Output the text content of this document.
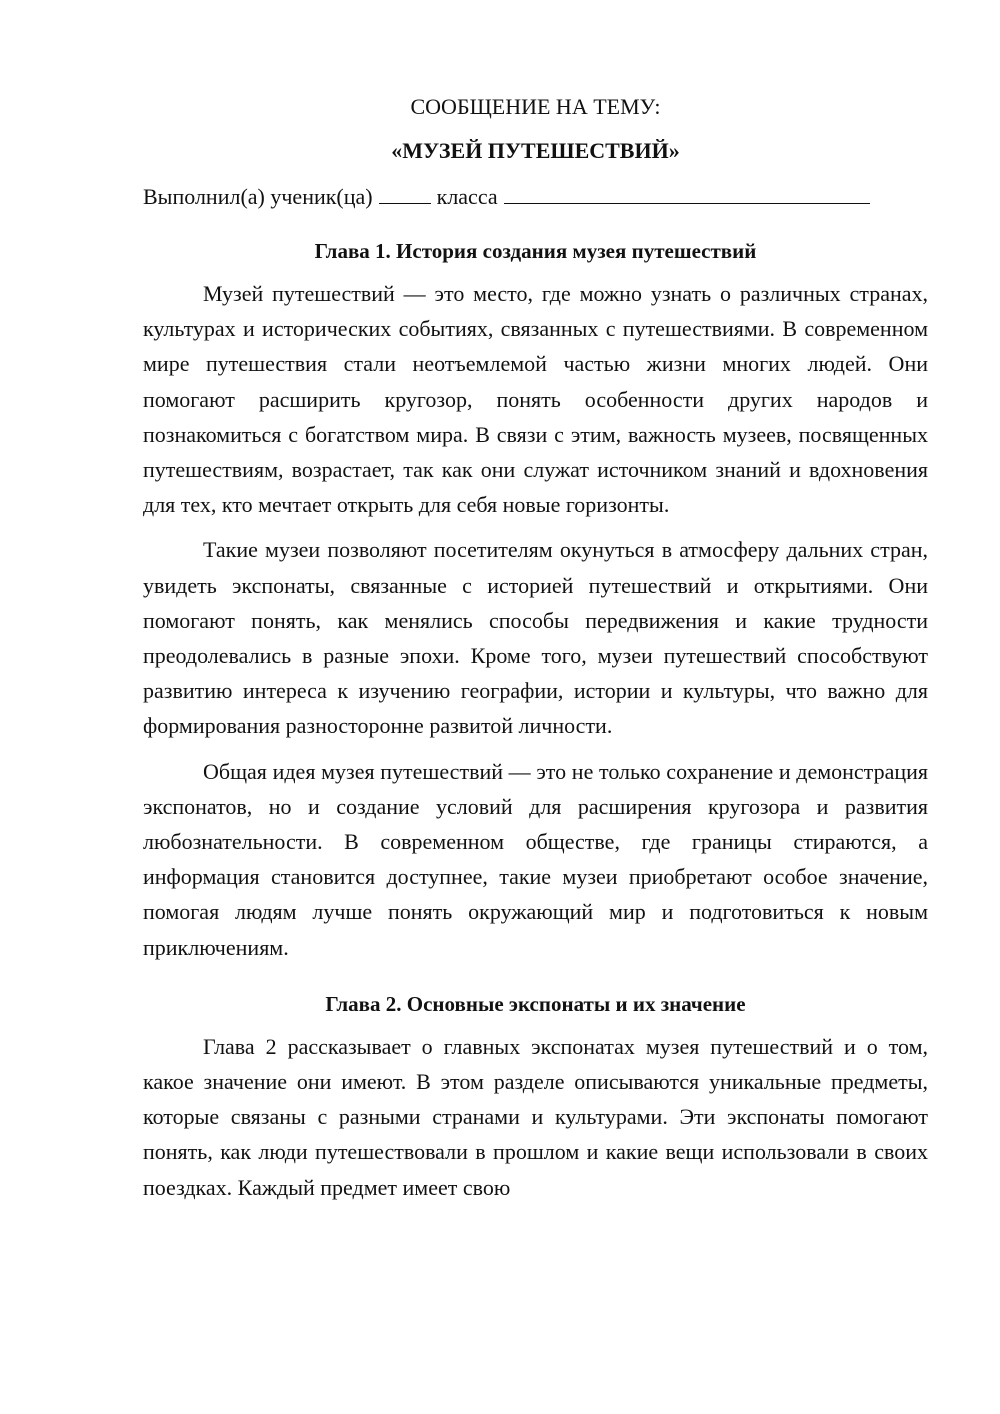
СООБЩЕНИЕ НА ТЕМУ:

«МУЗЕЙ ПУТЕШЕСТВИЙ»

Выполнил(а) ученик(ца)	класса
Глава 1. История создания музея путешествий

Музей путешествий — это место, где можно узнать о различных странах, культурах и исторических событиях, связанных с путешествиями. В современном мире путешествия стали неотъемлемой частью жизни многих людей. Они помогают расширить кругозор, понять особенности других народов и познакомиться с богатством мира. В связи с этим, важность музеев, посвященных путешествиям, возрастает, так как они служат источником знаний и вдохновения для тех, кто мечтает открыть для себя новые горизонты.

Такие музеи позволяют посетителям окунуться в атмосферу дальних стран, увидеть экспонаты, связанные с историей путешествий и открытиями. Они помогают понять, как менялись способы передвижения и какие трудности преодолевались в разные эпохи. Кроме того, музеи путешествий способствуют развитию интереса к изучению географии, истории и культуры, что важно для формирования разносторонне развитой личности.

Общая идея музея путешествий — это не только сохранение и демонстрация экспонатов, но и создание условий для расширения кругозора и развития любознательности. В современном обществе, где границы стираются, а информация становится доступнее, такие музеи приобретают особое значение, помогая людям лучше понять окружающий мир и подготовиться к новым приключениям.

Глава 2. Основные экспонаты и их значение

Глава 2 рассказывает о главных экспонатах музея путешествий и о том, какое значение они имеют. В этом разделе описываются уникальные предметы, которые связаны с разными странами и культурами. Эти экспонаты помогают понять, как люди путешествовали в прошлом и какие вещи использовали в своих поездках. Каждый предмет имеет свою
